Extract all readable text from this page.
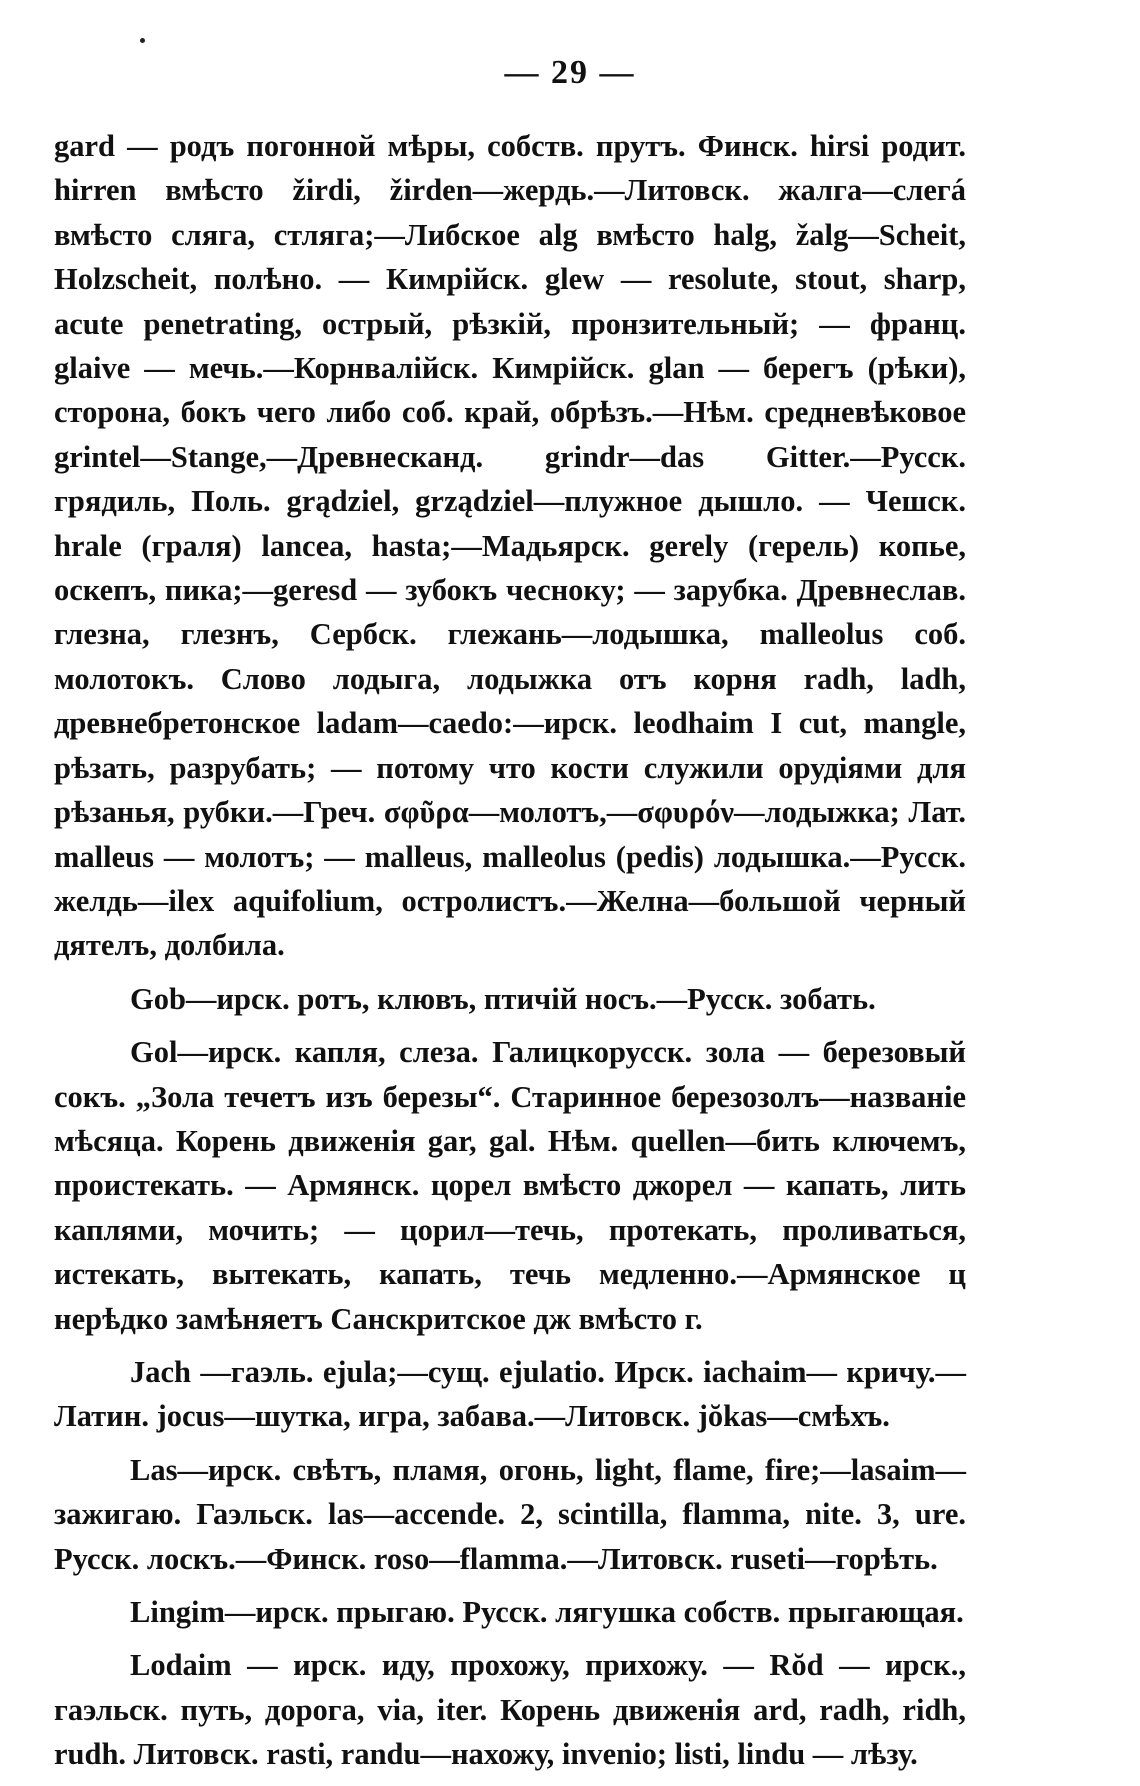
— 29 —

gard — родъ погонной мѣры, собств. прутъ. Финск. hirsi родит. hirren вмѣсто žirdi, žirden—жердь.—Литовск. жалга—слегá вмѣсто сляга, стляга;—Либское alg вмѣсто halg, žalg—Scheit, Holzscheit, полѣно. — Кимрійск. glew — resolute, stout, sharp, acute penetrating, острый, рѣзкій, пронзительный; — франц. glaive — мечь.—Корнвалійск. Кимрійск. glan — берегъ (рѣки), сторона, бокъ чего либо соб. край, обрѣзъ.—Нѣм. средневѣковое grintel—Stange,—Древнесканд. grindr—das Gitter.—Русск. грядиль, Поль. grądziel, grządziel—плужное дышло. — Чешск. hrale (граля) lancea, hasta;—Мадьярск. gerely (герель) копье, оскепъ, пика;—geresd — зубокъ чесноку; — зарубка. Древнеслав. глезна, глезнъ, Сербск. глежань—лодышка, malleolus соб. молотокъ. Слово лодыга, лодыжка отъ корня radh, ladh, древнебретонское ladam—caedo:—ирск. leodhaim I cut, mangle, рѣзать, разрубать; — потому что кости служили орудіями для рѣзанья, рубки.—Греч. σφῦρα—молотъ,—σφυρόν—лодыжка; Лат. malleus — молотъ; — malleus, malleolus (pedis) лодышка.—Русск. желдь—ilex aquifolium, остролистъ.—Желна—большой черный дятелъ, долбила.

Gob—ирск. ротъ, клювъ, птичій носъ.—Русск. зобать.

Gol—ирск. капля, слеза. Галицкорусск. зола — березовый сокъ. „Зола течетъ изъ березы“. Старинное березозолъ—названіе мѣсяца. Корень движенія gar, gal. Нѣм. quellen—бить ключемъ, проистекать. — Армянск. цорел вмѣсто джорел — капать, лить каплями, мочить; — цорил—течь, протекать, проливаться, истекать, вытекать, капать, течь медленно.—Армянское ц нерѣдко замѣняетъ Санскритское дж вмѣсто г.

Jach —гаэль. ejula;—сущ. ejulatio. Ирск. iachaim— кричу.—Латин. jocus—шутка, игра, забава.—Литовск. jŏkas—смѣхъ.

Las—ирск. свѣтъ, пламя, огонь, light, flame, fire;—lasaim—зажигаю. Гаэльск. las—accende. 2, scintilla, flamma, nite. 3, ure. Русск. лоскъ.—Финск. roso—flamma.—Литовск. ruseti—горѣть.

Lingim—ирск. прыгаю. Русск. лягушка собств. прыгающая.

Lodaim — ирск. иду, прохожу, прихожу. — Rŏd — ирск., гаэльск. путь, дорога, via, iter. Корень движенія ard, radh, ridh, rudh. Литовск. rasti, randu—нахожу, invenio; listi, lindu — лѣзу.
